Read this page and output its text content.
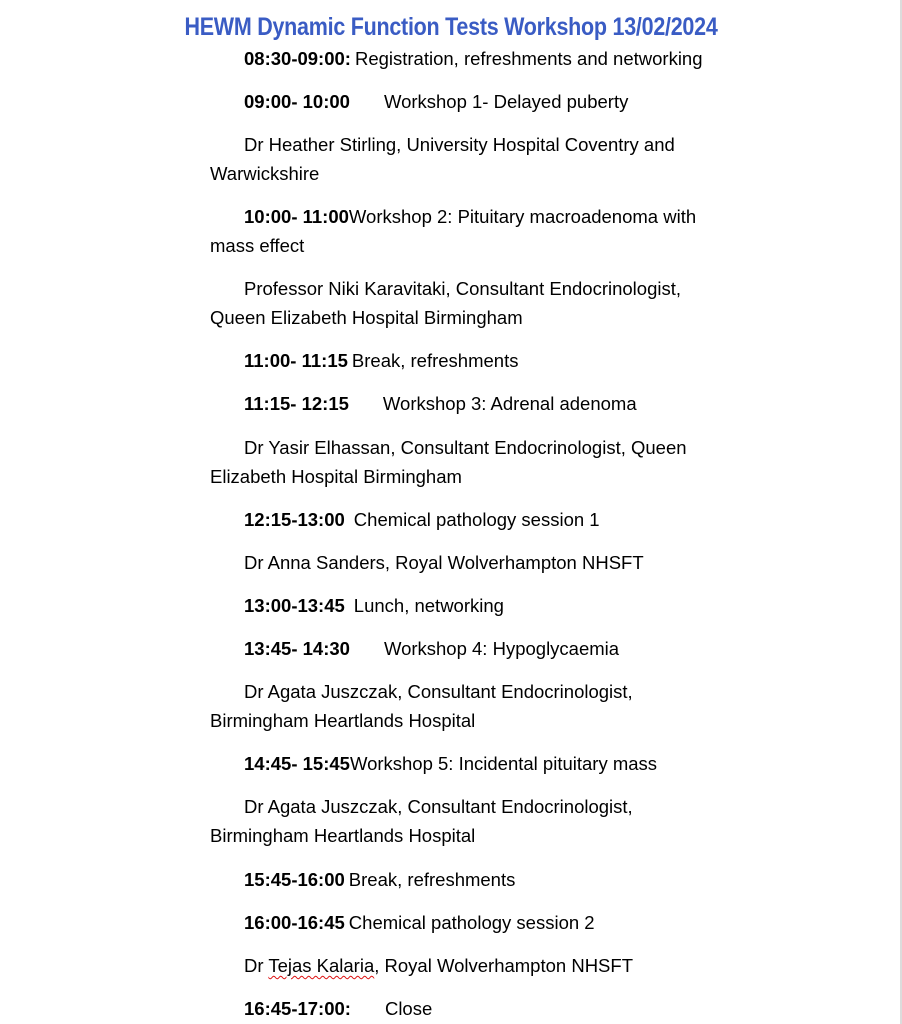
HEWM Dynamic Function Tests Workshop 13/02/2024
08:30-09:00: Registration, refreshments and networking
09:00- 10:00 Workshop 1- Delayed puberty
Dr Heather Stirling, University Hospital Coventry and Warwickshire
10:00- 11:00Workshop 2: Pituitary macroadenoma with mass effect
Professor Niki Karavitaki, Consultant Endocrinologist, Queen Elizabeth Hospital Birmingham
11:00- 11:15 Break, refreshments
11:15- 12:15 Workshop 3: Adrenal adenoma
Dr Yasir Elhassan, Consultant Endocrinologist, Queen Elizabeth Hospital Birmingham
12:15-13:00 Chemical pathology session 1
Dr Anna Sanders, Royal Wolverhampton NHSFT
13:00-13:45 Lunch, networking
13:45- 14:30 Workshop 4: Hypoglycaemia
Dr Agata Juszczak, Consultant Endocrinologist, Birmingham Heartlands Hospital
14:45- 15:45Workshop 5: Incidental pituitary mass
Dr Agata Juszczak, Consultant Endocrinologist, Birmingham Heartlands Hospital
15:45-16:00 Break, refreshments
16:00-16:45 Chemical pathology session 2
Dr Tejas Kalaria, Royal Wolverhampton NHSFT
16:45-17:00: Close
